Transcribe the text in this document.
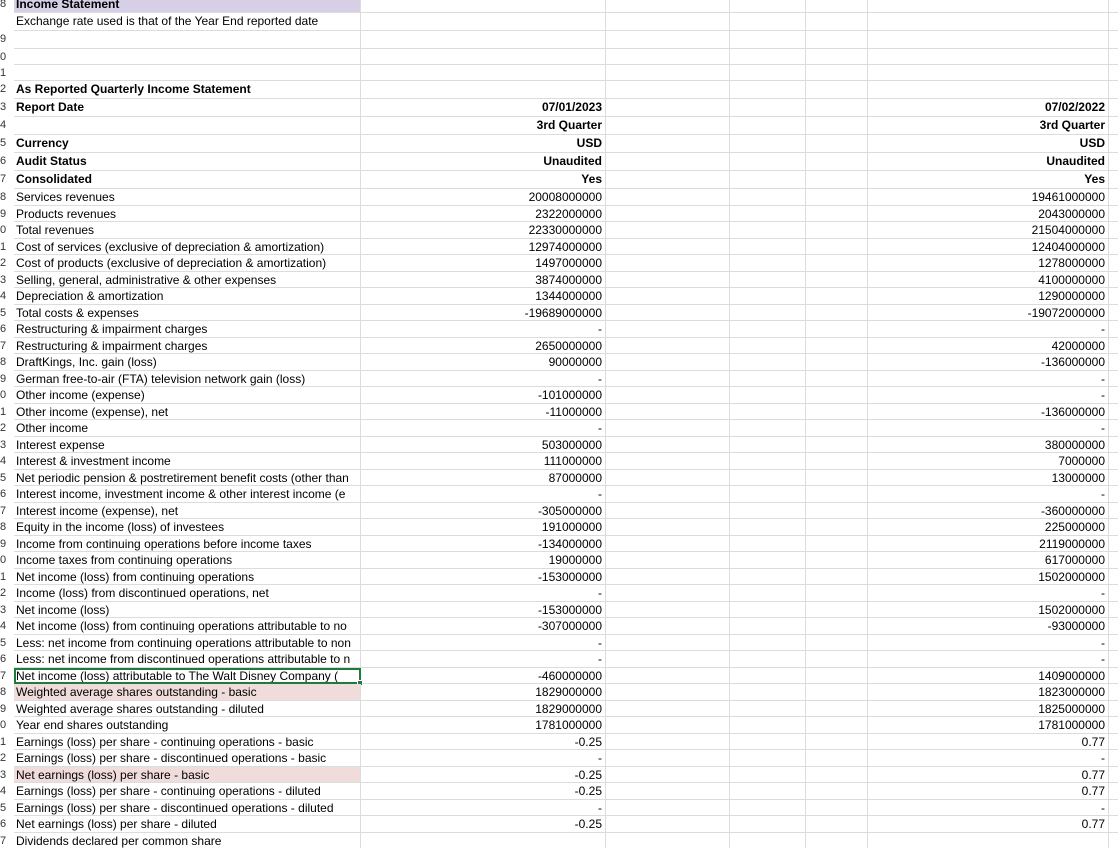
8 Income Statement
Exchange rate used is that of the Year End reported date
9
0
1
2 As Reported Quarterly Income Statement
3 Report Date	07/01/2023	07/02/2022
4	3rd Quarter	3rd Quarter
5 Currency	USD	USD
6 Audit Status	Unaudited	Unaudited
7 Consolidated	Yes	Yes
8 Services revenues	20008000000	19461000000
9 Products revenues	2322000000	2043000000
0 Total revenues	22330000000	21504000000
1 Cost of services (exclusive of depreciation & amortization)	12974000000	12404000000
2 Cost of products (exclusive of depreciation & amortization)	1497000000	1278000000
3 Selling, general, administrative & other expenses	3874000000	4100000000
4 Depreciation & amortization	1344000000	1290000000
5 Total costs & expenses	-19689000000	-19072000000
6 Restructuring & impairment charges	-	-
7 Restructuring & impairment charges	2650000000	42000000
8 DraftKings, Inc. gain (loss)	90000000	-136000000
9 German free-to-air (FTA) television network gain (loss)	-	-
0 Other income (expense)	-101000000	-
1 Other income (expense), net	-11000000	-136000000
2 Other income	-	-
3 Interest expense	503000000	380000000
4 Interest & investment income	111000000	7000000
5 Net periodic pension & postretirement benefit costs (other than	87000000	13000000
6 Interest income, investment income & other interest income (e	-	-
7 Interest income (expense), net	-305000000	-360000000
8 Equity in the income (loss) of investees	191000000	225000000
9 Income from continuing operations before income taxes	-134000000	2119000000
0 Income taxes from continuing operations	19000000	617000000
1 Net income (loss) from continuing operations	-153000000	1502000000
2 Income (loss) from discontinued operations, net	-	-
3 Net income (loss)	-153000000	1502000000
4 Net income (loss) from continuing operations attributable to no	-307000000	-93000000
5 Less: net income from continuing operations attributable to non	-	-
6 Less: net income from discontinued operations attributable to n	-	-
7 Net income (loss) attributable to The Walt Disney Company (	-460000000	1409000000
8 Weighted average shares outstanding - basic	1829000000	1823000000
9 Weighted average shares outstanding - diluted	1829000000	1825000000
0 Year end shares outstanding	1781000000	1781000000
1 Earnings (loss) per share - continuing operations - basic	-0.25	0.77
2 Earnings (loss) per share - discontinued operations - basic	-	-
3 Net earnings (loss) per share - basic	-0.25	0.77
4 Earnings (loss) per share - continuing operations - diluted	-0.25	0.77
5 Earnings (loss) per share - discontinued operations - diluted	-	-
6 Net earnings (loss) per share - diluted	-0.25	0.77
7 Dividends declared per common share
